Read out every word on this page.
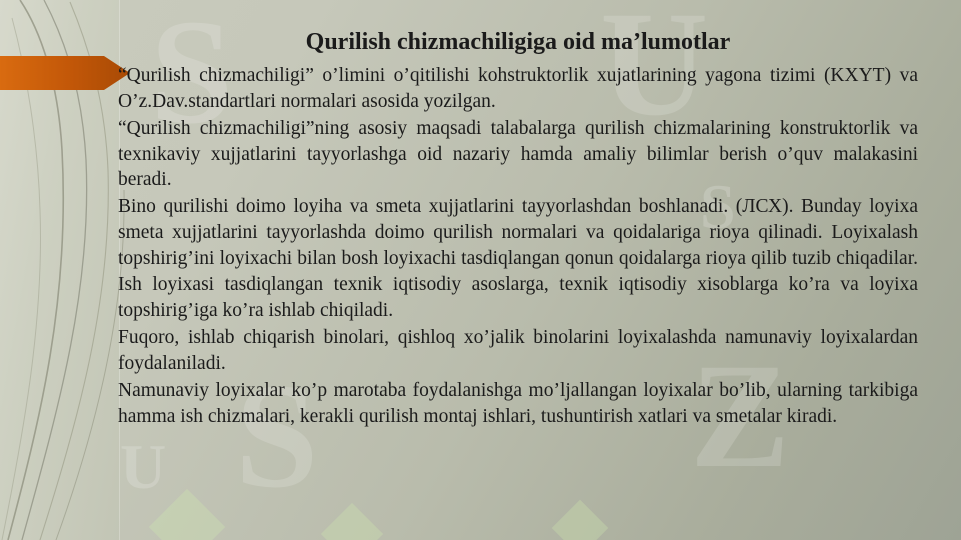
S U
S Z
U
S
Qurilish chizmachiligiga oid ma’lumotlar

“Qurilish chizmachiligi” o’limini o’qitilishi kohstruktorlik xujatlarining yagona tizimi (KXYT) va O’z.Dav.standartlari normalari asosida yozilgan.

“Qurilish chizmachiligi”ning asosiy maqsadi talabalarga qurilish chizmalarining konstruktorlik va texnikaviy xujjatlarini tayyorlashga oid nazariy hamda amaliy bilimlar berish o’quv malakasini beradi.

Bino qurilishi doimo loyiha va smeta xujjatlarini tayyorlashdan boshlanadi. (ЛСХ). Bunday loyixa smeta xujjatlarini tayyorlashda doimo qurilish normalari va qoidalariga rioya qilinadi. Loyixalash topshirig’ini loyixachi bilan bosh loyixachi tasdiqlangan qonun qoidalarga rioya qilib tuzib chiqadilar. Ish loyixasi tasdiqlangan texnik iqtisodiy asoslarga, texnik iqtisodiy xisoblarga ko’ra va loyixa topshirig’iga ko’ra ishlab chiqiladi.

Fuqoro, ishlab chiqarish binolari, qishloq xo’jalik binolarini loyixalashda namunaviy loyixalardan foydalaniladi.

Namunaviy loyixalar ko’p marotaba foydalanishga mo’ljallangan loyixalar bo’lib, ularning tarkibiga hamma ish chizmalari, kerakli qurilish montaj ishlari, tushuntirish xatlari va smetalar kiradi.
